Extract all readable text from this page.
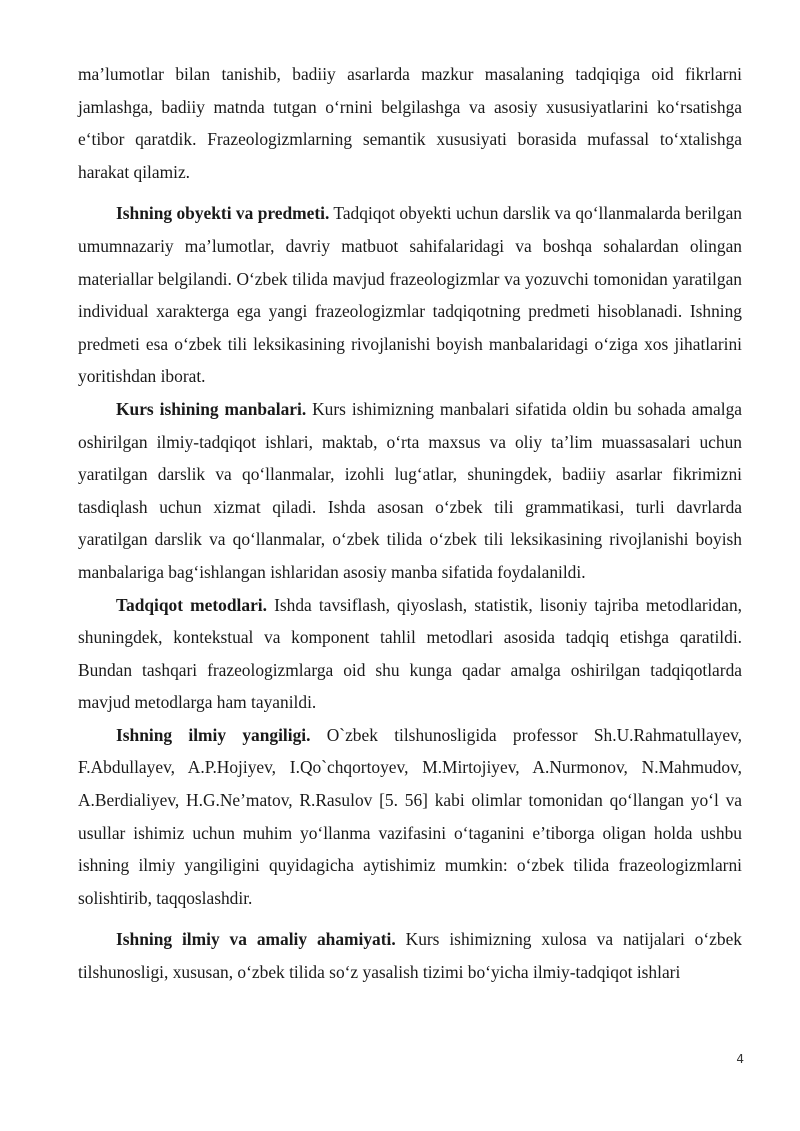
ma’lumotlar bilan tanishib, badiiy asarlarda mazkur masalaning tadqiqiga oid fikrlarni jamlashga, badiiy matnda tutgan o‘rnini belgilashga va asosiy xususiyatlarini ko‘rsatishga e‘tibor qaratdik. Frazeologizmlarning semantik xususiyati borasida mufassal to‘xtalishga harakat qilamiz.

Ishning obyekti va predmeti. Tadqiqot obyekti uchun darslik va qo‘llanmalarda berilgan umumnazariy ma’lumotlar, davriy matbuot sahifalaridagi va boshqa sohalardan olingan materiallar belgilandi. O‘zbek tilida mavjud frazeologizmlar va yozuvchi tomonidan yaratilgan individual xarakterga ega yangi frazeologizmlar tadqiqotning predmeti hisoblanadi. Ishning predmeti esa o‘zbek tili leksikasining rivojlanishi boyish manbalaridagi o‘ziga xos jihatlarini yoritishdan iborat.

Kurs ishining manbalari. Kurs ishimizning manbalari sifatida oldin bu sohada amalga oshirilgan ilmiy-tadqiqot ishlari, maktab, o‘rta maxsus va oliy ta’lim muassasalari uchun yaratilgan darslik va qo‘llanmalar, izohli lug‘atlar, shuningdek, badiiy asarlar fikrimizni tasdiqlash uchun xizmat qiladi. Ishda asosan o‘zbek tili grammatikasi, turli davrlarda yaratilgan darslik va qo‘llanmalar, o‘zbek tilida o‘zbek tili leksikasining rivojlanishi boyish manbalariga bag‘ishlangan ishlaridan asosiy manba sifatida foydalanildi.

Tadqiqot metodlari. Ishda tavsiflash, qiyoslash, statistik, lisoniy tajriba metodlaridan, shuningdek, kontekstual va komponent tahlil metodlari asosida tadqiq etishga qaratildi. Bundan tashqari frazeologizmlarga oid shu kunga qadar amalga oshirilgan tadqiqotlarda mavjud metodlarga ham tayanildi.

Ishning ilmiy yangiligi. O`zbek tilshunosligida professor Sh.U.Rahmatullayev, F.Abdullayev, A.P.Hojiyev, I.Qo`chqortoyev, M.Mirtojiyev, A.Nurmonov, N.Mahmudov, A.Berdialiyev, H.G.Ne’matov, R.Rasulov [5. 56] kabi olimlar tomonidan qo‘llangan yo‘l va usullar ishimiz uchun muhim yo‘llanma vazifasini o‘taganini e’tiborga oligan holda ushbu ishning ilmiy yangiligini quyidagicha aytishimiz mumkin: o‘zbek tilida frazeologizmlarni solishtirib, taqqoslashdir.

Ishning ilmiy va amaliy ahamiyati. Kurs ishimizning xulosa va natijalari o‘zbek tilshunosligi, xususan, o‘zbek tilida so‘z yasalish tizimi bo‘yicha ilmiy-tadqiqot ishlari

4
